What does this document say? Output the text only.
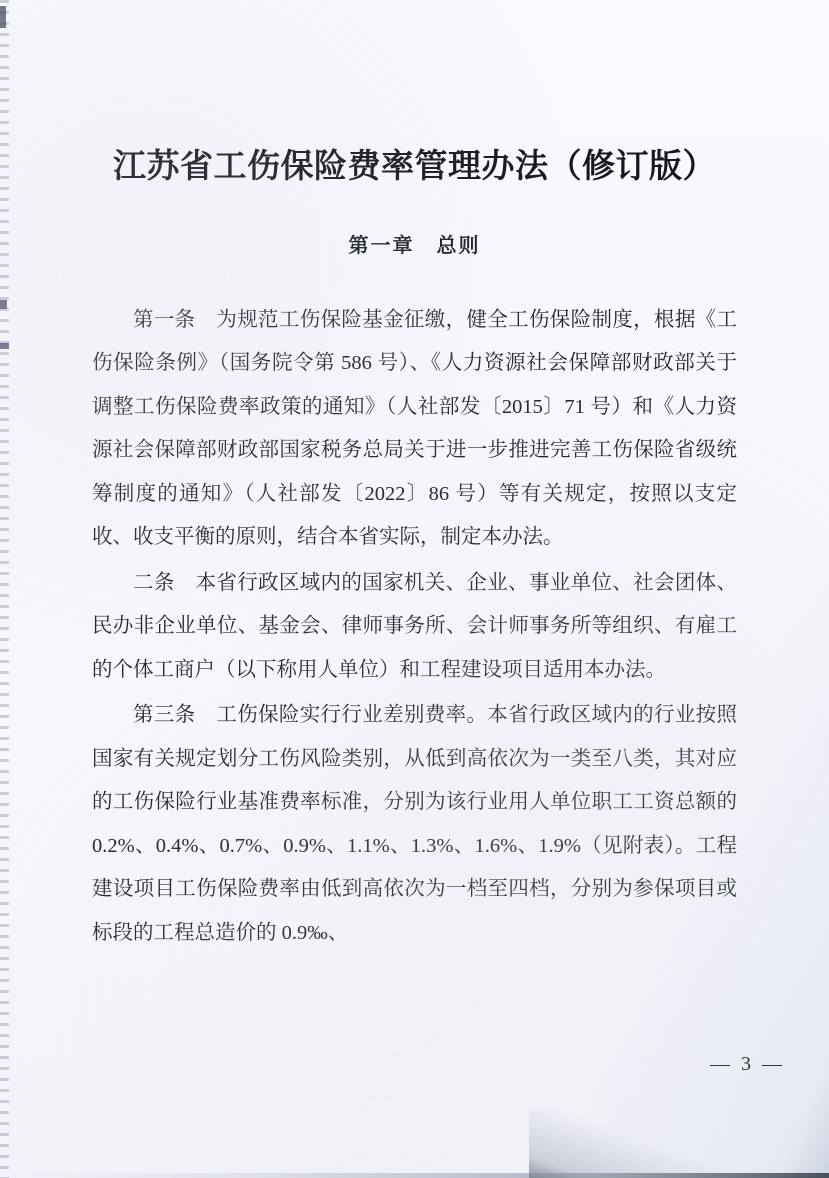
江苏省工伤保险费率管理办法（修订版）
第一章　总则

第一条　为规范工伤保险基金征缴，健全工伤保险制度，根据《工伤保险条例》（国务院令第 586 号）、《人力资源社会保障部财政部关于调整工伤保险费率政策的通知》（人社部发〔2015〕71 号）和《人力资源社会保障部财政部国家税务总局关于进一步推进完善工伤保险省级统筹制度的通知》（人社部发〔2022〕86 号）等有关规定，按照以支定收、收支平衡的原则，结合本省实际，制定本办法。

二条　本省行政区域内的国家机关、企业、事业单位、社会团体、民办非企业单位、基金会、律师事务所、会计师事务所等组织、有雇工的个体工商户（以下称用人单位）和工程建设项目适用本办法。

第三条　工伤保险实行行业差别费率。本省行政区域内的行业按照国家有关规定划分工伤风险类别，从低到高依次为一类至八类，其对应的工伤保险行业基准费率标准，分别为该行业用人单位职工工资总额的 0.2%、0.4%、0.7%、0.9%、1.1%、1.3%、1.6%、1.9%（见附表）。工程建设项目工伤保险费率由低到高依次为一档至四档，分别为参保项目或标段的工程总造价的 0.9‰、

— 3 —
